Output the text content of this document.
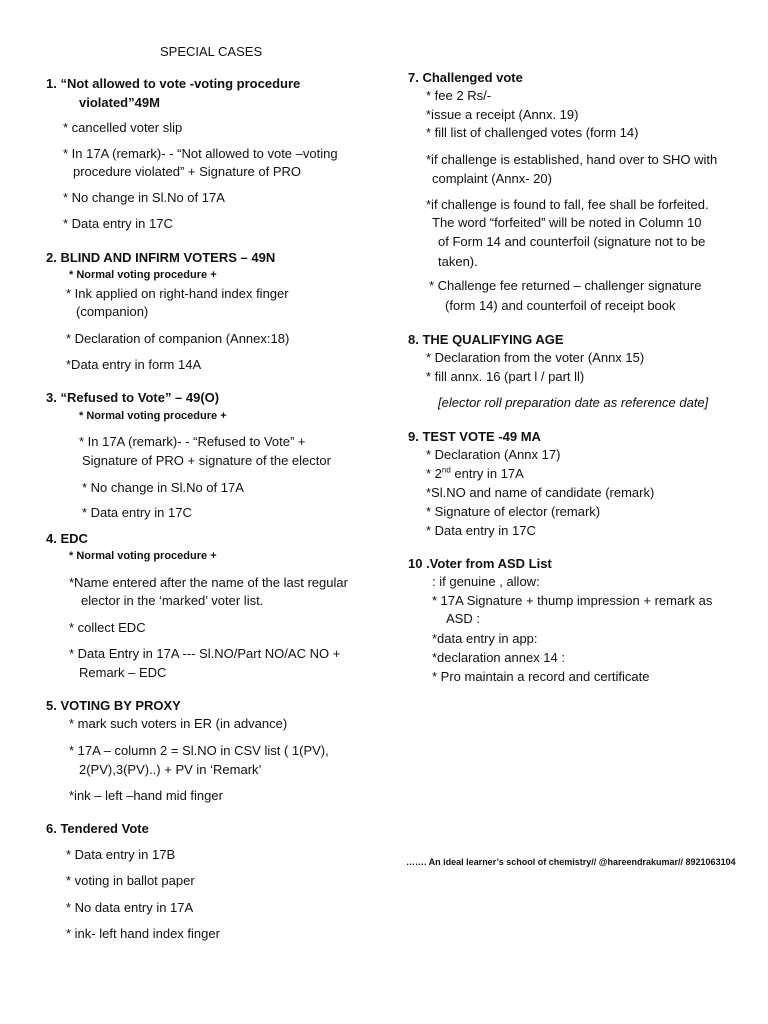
SPECIAL CASES
1. “Not allowed to vote -voting procedure
violated”49M
* cancelled voter slip
* In 17A (remark)- - “Not allowed to vote –voting
procedure violated” + Signature of PRO
* No change in Sl.No of 17A
* Data entry in 17C
2. BLIND AND INFIRM VOTERS – 49N
* Normal voting procedure +
* Ink applied on right-hand index finger
(companion)
* Declaration of companion (Annex:18)
*Data entry in form 14A
3. “Refused to Vote” – 49(O)
* Normal voting procedure +
* In 17A (remark)- - “Refused to Vote” +
Signature of PRO + signature of the elector
* No change in Sl.No of 17A
* Data entry in 17C
4. EDC
* Normal voting procedure +
*Name entered after the name of the last regular
elector in the ‘marked’ voter list.
* collect EDC
* Data Entry in 17A --- Sl.NO/Part NO/AC NO +
Remark – EDC
5. VOTING BY PROXY
* mark such voters in ER (in advance)
* 17A – column 2 = Sl.NO in CSV list ( 1(PV),
2(PV),3(PV)..) + PV in ‘Remark’
*ink – left –hand mid finger
6. Tendered Vote
* Data entry in 17B
* voting in ballot paper
* No data entry in 17A
* ink- left hand index finger
7. Challenged vote
* fee 2 Rs/-
*issue a receipt (Annx. 19)
* fill list of challenged votes (form 14)
*if challenge is established, hand over to SHO with
complaint (Annx- 20)
*if challenge is found to fall, fee shall be forfeited.
The word “forfeited” will be noted in Column 10
of Form 14 and counterfoil (signature not to be
taken).
* Challenge fee returned – challenger signature
(form 14) and counterfoil of receipt book
8. THE QUALIFYING AGE
* Declaration from the voter (Annx 15)
* fill annx. 16 (part l / part ll)
[elector roll preparation date as reference date]
9. TEST VOTE -49 MA
* Declaration (Annx 17)
* 2nd entry in 17A
*Sl.NO and name of candidate (remark)
* Signature of elector (remark)
* Data entry in 17C
10 .Voter from ASD List
: if genuine , allow:
* 17A Signature + thump impression + remark as
ASD :
*data entry in app:
*declaration annex 14 :
* Pro maintain a record and certificate
……. An ideal learner’s school of chemistry// @hareendrakumar// 8921063104
